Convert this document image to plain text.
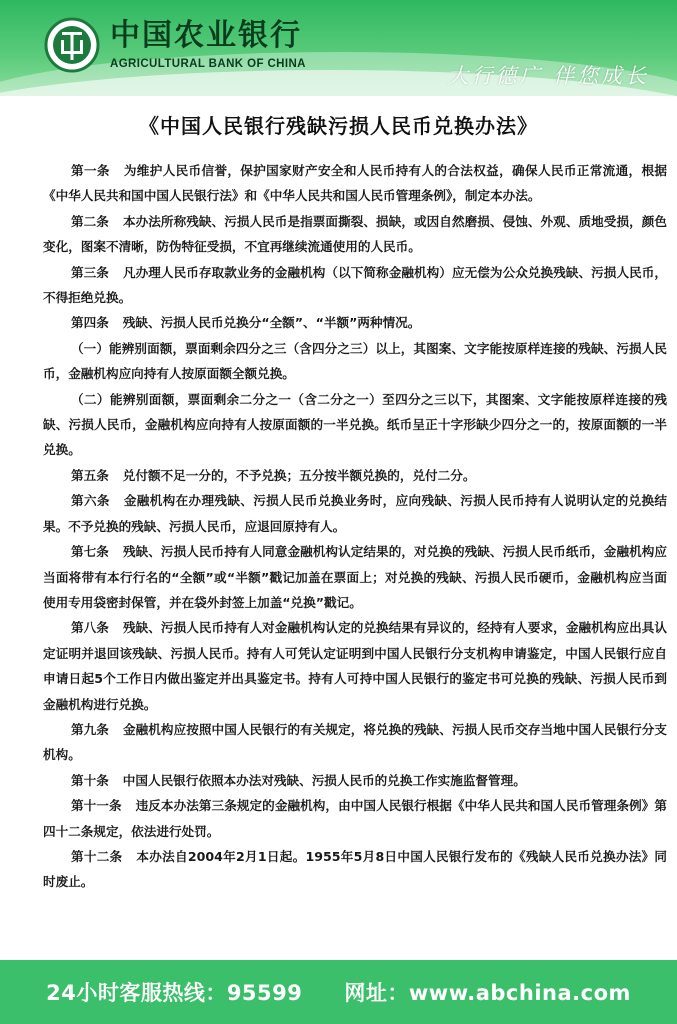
中国农业银行
AGRICULTURAL BANK OF CHINA	大行德广 伴您成长
《中国人民银行残缺污损人民币兑换办法》

第一条 为维护人民币信誉，保护国家财产安全和人民币持有人的合法权益，确保人民币正常流通，根据《中华人民共和国中国人民银行法》和《中华人民共和国人民币管理条例》，制定本办法。

第二条 本办法所称残缺、污损人民币是指票面撕裂、损缺，或因自然磨损、侵蚀、外观、质地受损，颜色变化，图案不清晰，防伪特征受损，不宜再继续流通使用的人民币。

第三条 凡办理人民币存取款业务的金融机构（以下简称金融机构）应无偿为公众兑换残缺、污损人民币，不得拒绝兑换。

第四条 残缺、污损人民币兑换分“全额”、“半额”两种情况。

（一）能辨别面额，票面剩余四分之三（含四分之三）以上，其图案、文字能按原样连接的残缺、污损人民币，金融机构应向持有人按原面额全额兑换。

（二）能辨别面额，票面剩余二分之一（含二分之一）至四分之三以下，其图案、文字能按原样连接的残缺、污损人民币，金融机构应向持有人按原面额的一半兑换。纸币呈正十字形缺少四分之一的，按原面额的一半兑换。

第五条 兑付额不足一分的，不予兑换；五分按半额兑换的，兑付二分。

第六条 金融机构在办理残缺、污损人民币兑换业务时，应向残缺、污损人民币持有人说明认定的兑换结果。不予兑换的残缺、污损人民币，应退回原持有人。

第七条 残缺、污损人民币持有人同意金融机构认定结果的，对兑换的残缺、污损人民币纸币，金融机构应当面将带有本行行名的“全额”或“半额”戳记加盖在票面上；对兑换的残缺、污损人民币硬币，金融机构应当面使用专用袋密封保管，并在袋外封签上加盖“兑换”戳记。

第八条 残缺、污损人民币持有人对金融机构认定的兑换结果有异议的，经持有人要求，金融机构应出具认定证明并退回该残缺、污损人民币。持有人可凭认定证明到中国人民银行分支机构申请鉴定，中国人民银行应自申请日起5个工作日内做出鉴定并出具鉴定书。持有人可持中国人民银行的鉴定书可兑换的残缺、污损人民币到金融机构进行兑换。

第九条 金融机构应按照中国人民银行的有关规定，将兑换的残缺、污损人民币交存当地中国人民银行分支机构。

第十条 中国人民银行依照本办法对残缺、污损人民币的兑换工作实施监督管理。

第十一条 违反本办法第三条规定的金融机构，由中国人民银行根据《中华人民共和国人民币管理条例》第四十二条规定，依法进行处罚。

第十二条 本办法自2004年2月1日起。1955年5月8日中国人民银行发布的《残缺人民币兑换办法》同时废止。

24小时客服热线：95599 网址：www.abchina.com
